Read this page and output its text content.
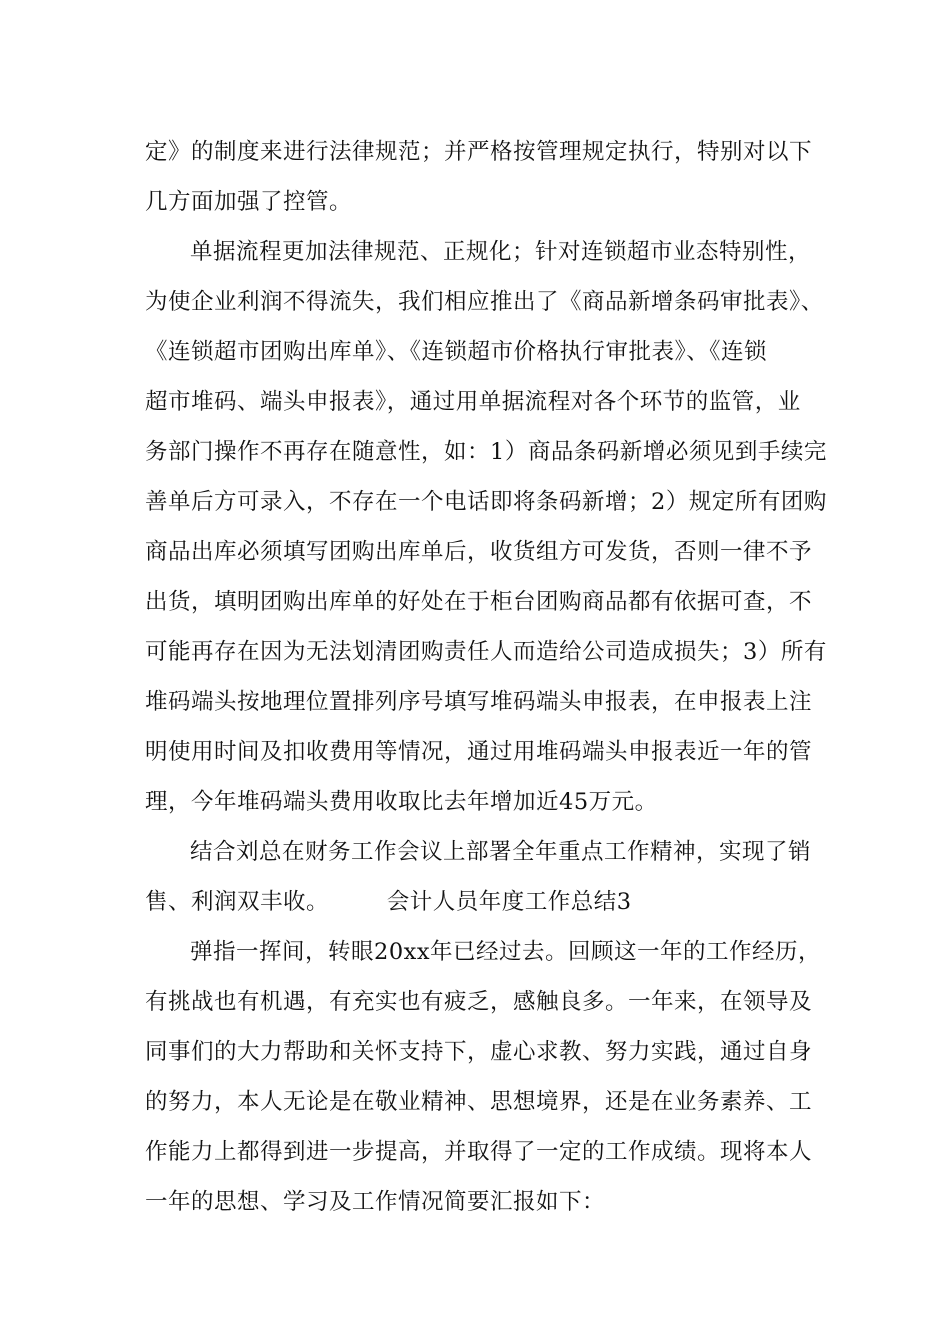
定》的制度来进行法律规范；并严格按管理规定执行，特别对以下
几方面加强了控管。
单据流程更加法律规范、正规化；针对连锁超市业态特别性，
为使企业利润不得流失，我们相应推出了《商品新增条码审批表》、
《连锁超市团购出库单》、《连锁超市价格执行审批表》、《连锁
超市堆码、端头申报表》，通过用单据流程对各个环节的监管，业
务部门操作不再存在随意性，如：1）商品条码新增必须见到手续完
善单后方可录入，不存在一个电话即将条码新增；2）规定所有团购
商品出库必须填写团购出库单后，收货组方可发货，否则一律不予
出货，填明团购出库单的好处在于柜台团购商品都有依据可查，不
可能再存在因为无法划清团购责任人而造给公司造成损失；3）所有
堆码端头按地理位置排列序号填写堆码端头申报表，在申报表上注
明使用时间及扣收费用等情况，通过用堆码端头申报表近一年的管
理，今年堆码端头费用收取比去年增加近45万元。
结合刘总在财务工作会议上部署全年重点工作精神，实现了销
售、利润双丰收。　　　会计人员年度工作总结3
弹指一挥间，转眼20xx年已经过去。回顾这一年的工作经历，
有挑战也有机遇，有充实也有疲乏，感触良多。一年来，在领导及
同事们的大力帮助和关怀支持下，虚心求教、努力实践，通过自身
的努力，本人无论是在敬业精神、思想境界，还是在业务素养、工
作能力上都得到进一步提高，并取得了一定的工作成绩。现将本人
一年的思想、学习及工作情况简要汇报如下：
